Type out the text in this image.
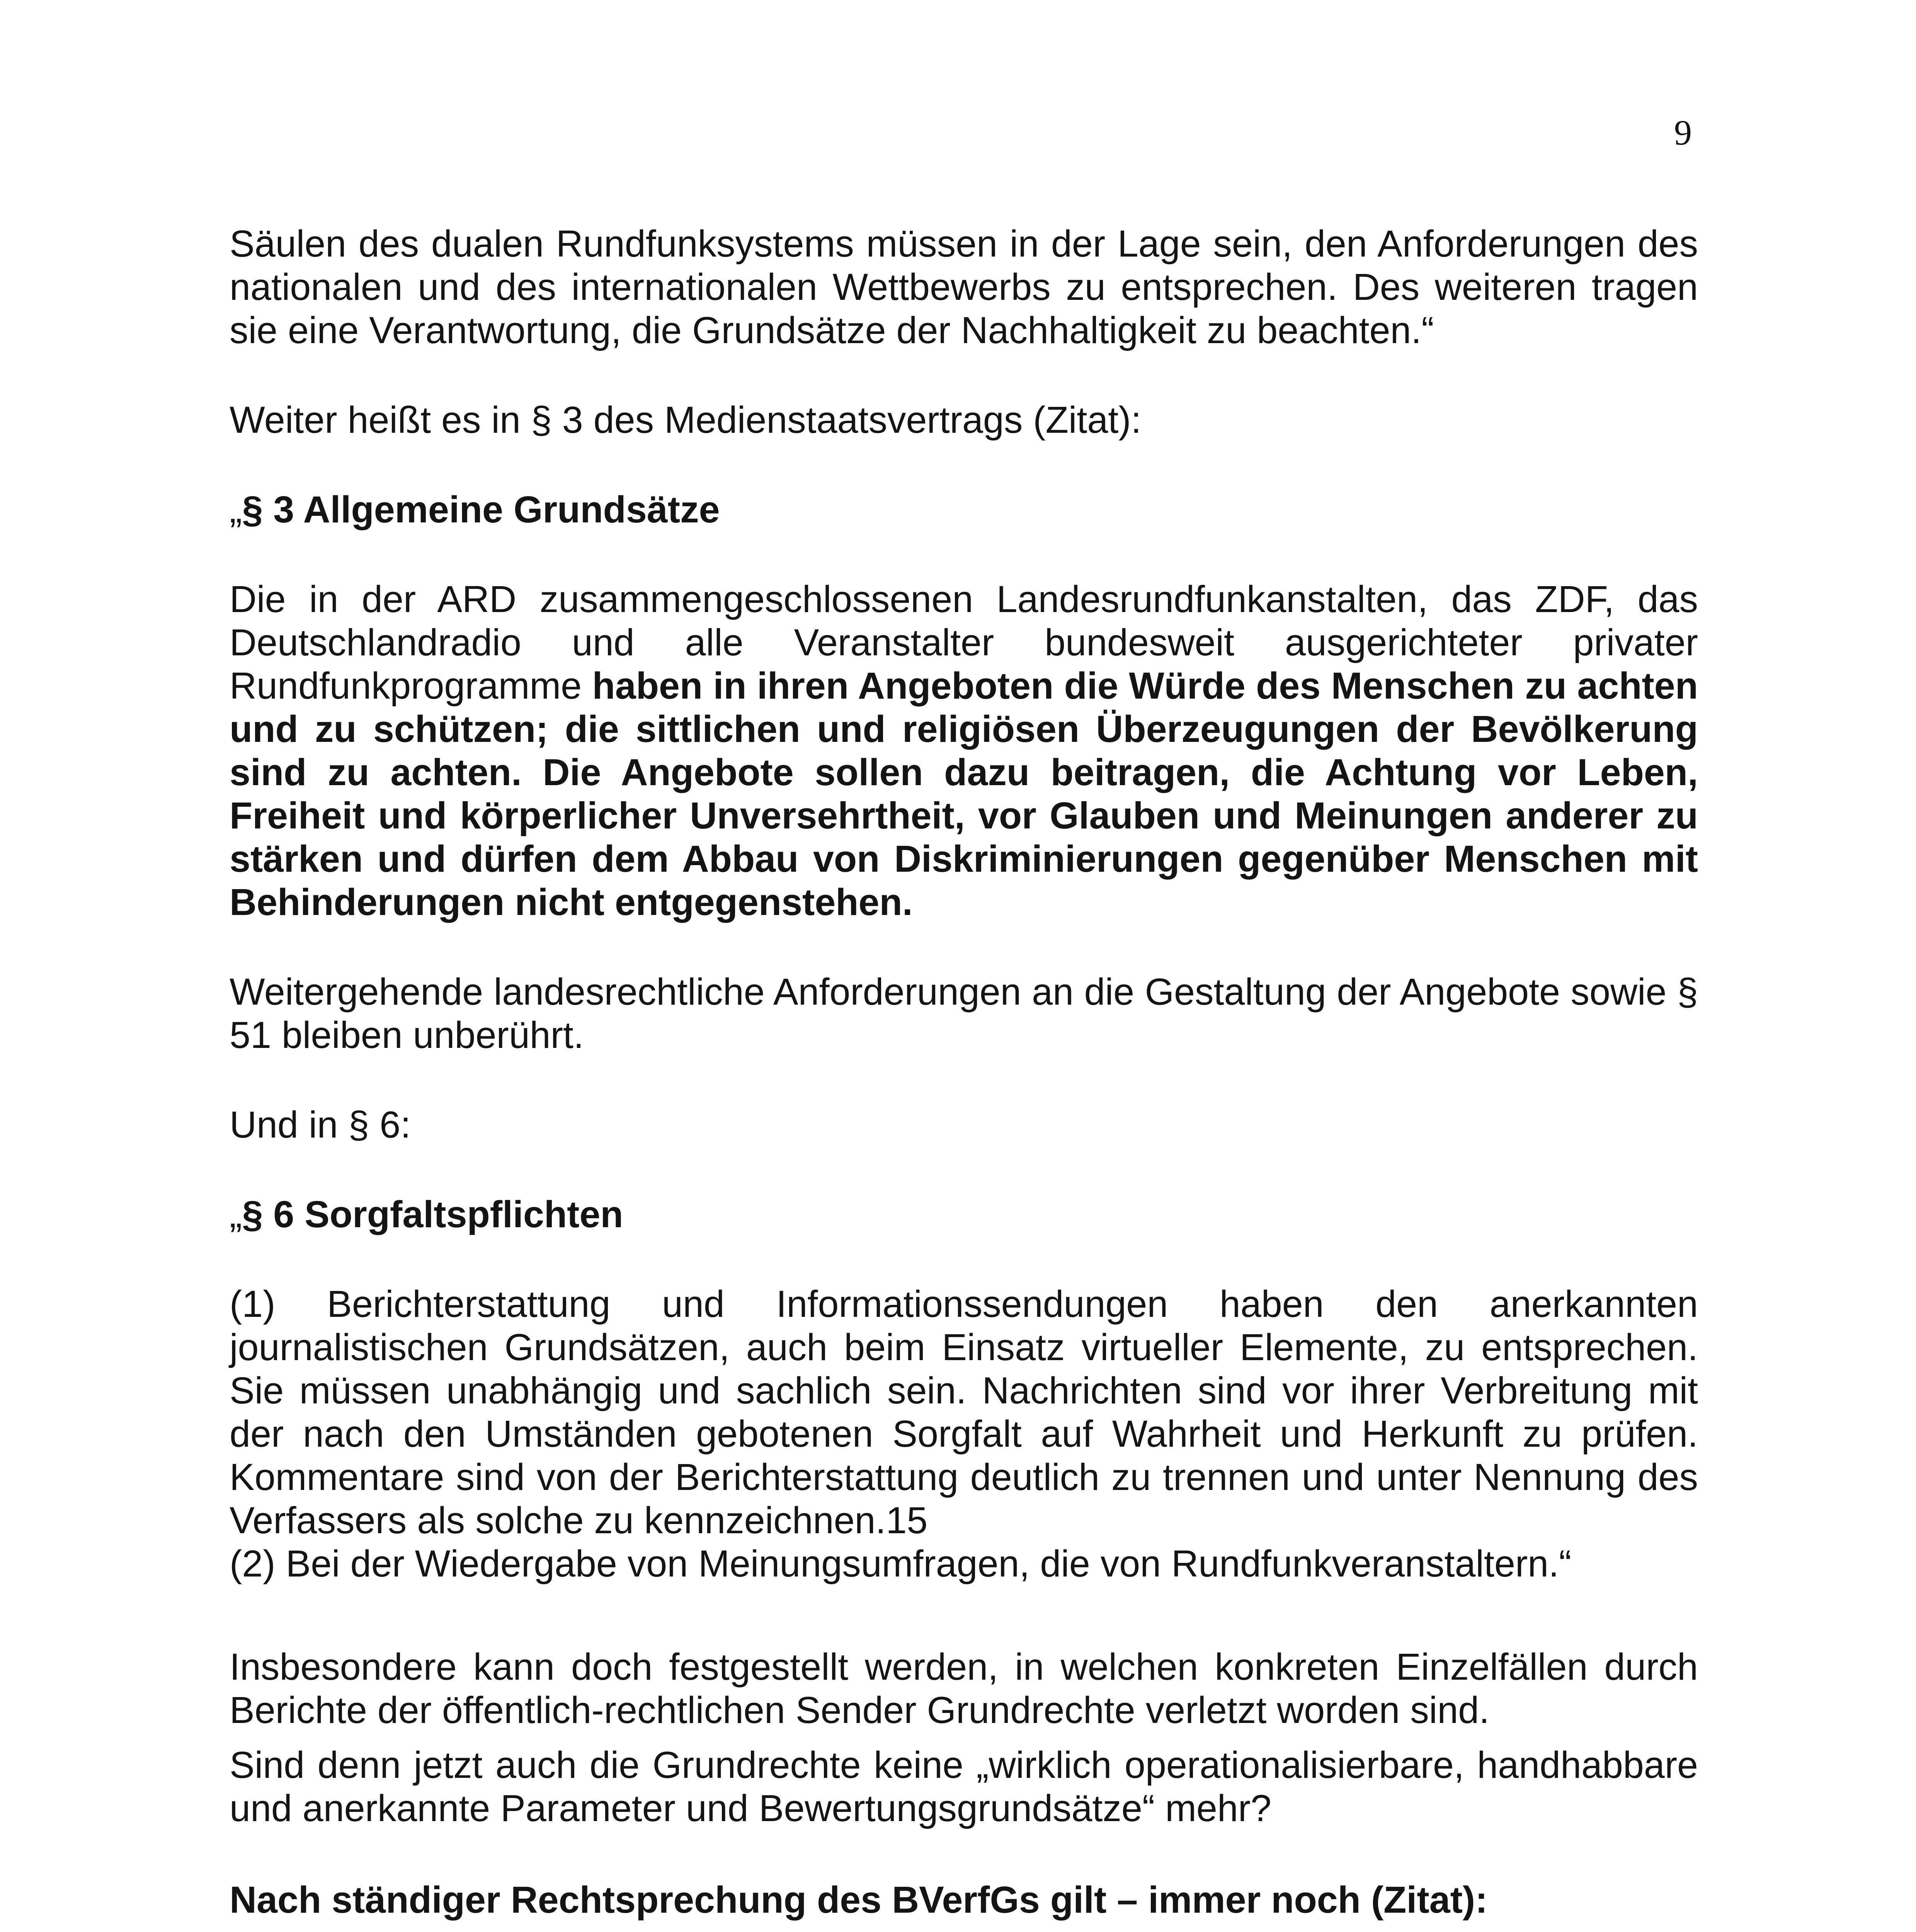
9

Säulen des dualen Rundfunksystems müssen in der Lage sein, den Anforderungen des nationalen und des internationalen Wettbewerbs zu entsprechen. Des weiteren tragen sie eine Verantwortung, die Grundsätze der Nachhaltigkeit zu beachten.“

Weiter heißt es in § 3 des Medienstaatsvertrags (Zitat):

„§ 3 Allgemeine Grundsätze

Die in der ARD zusammengeschlossenen Landesrundfunkanstalten, das ZDF, das Deutschlandradio und alle Veranstalter bundesweit ausgerichteter privater Rundfunkprogramme haben in ihren Angeboten die Würde des Menschen zu achten und zu schützen; die sittlichen und religiösen Überzeugungen der Bevölkerung sind zu achten. Die Angebote sollen dazu beitragen, die Achtung vor Leben, Freiheit und körperlicher Unversehrtheit, vor Glauben und Meinungen anderer zu stärken und dürfen dem Abbau von Diskriminierungen gegenüber Menschen mit Behinderungen nicht entgegenstehen.

Weitergehende landesrechtliche Anforderungen an die Gestaltung der Angebote sowie § 51 bleiben unberührt.

Und in § 6:

„§ 6 Sorgfaltspflichten

(1) Berichterstattung und Informationssendungen haben den anerkannten journalistischen Grundsätzen, auch beim Einsatz virtueller Elemente, zu entsprechen. Sie müssen unabhängig und sachlich sein. Nachrichten sind vor ihrer Verbreitung mit der nach den Umständen gebotenen Sorgfalt auf Wahrheit und Herkunft zu prüfen. Kommentare sind von der Berichterstattung deutlich zu trennen und unter Nennung des Verfassers als solche zu kennzeichnen.15

(2) Bei der Wiedergabe von Meinungsumfragen, die von Rundfunkveranstaltern.“

Insbesondere kann doch festgestellt werden, in welchen konkreten Einzelfällen durch Berichte der öffentlich-rechtlichen Sender Grundrechte verletzt worden sind.

Sind denn jetzt auch die Grundrechte keine „wirklich operationalisierbare, handhabbare und anerkannte Parameter und Bewertungsgrundsätze“ mehr?

Nach ständiger Rechtsprechung des BVerfGs gilt – immer noch (Zitat):
